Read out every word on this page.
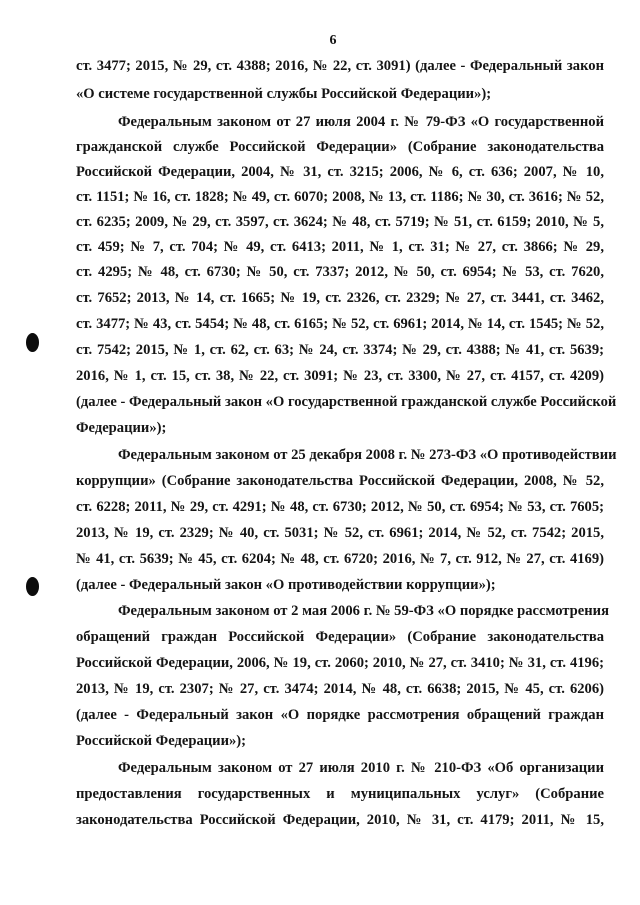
6
ст. 3477; 2015, № 29, ст. 4388; 2016, № 22, ст. 3091) (далее - Федеральный закон
«О системе государственной службы Российской Федерации»);
Федеральным законом от 27 июля 2004 г. № 79-ФЗ «О государственной
гражданской службе Российской Федерации» (Собрание законодательства
Российской Федерации, 2004, № 31, ст. 3215; 2006, № 6, ст. 636; 2007, № 10,
ст. 1151; № 16, ст. 1828; № 49, ст. 6070; 2008, № 13, ст. 1186; № 30, ст. 3616; № 52,
ст. 6235; 2009, № 29, ст. 3597, ст. 3624; № 48, ст. 5719; № 51, ст. 6159; 2010, № 5,
ст. 459; № 7, ст. 704; № 49, ст. 6413; 2011, № 1, ст. 31; № 27, ст. 3866; № 29,
ст. 4295; № 48, ст. 6730; № 50, ст. 7337; 2012, № 50, ст. 6954; № 53, ст. 7620,
ст. 7652; 2013, № 14, ст. 1665; № 19, ст. 2326, ст. 2329; № 27, ст. 3441, ст. 3462,
ст. 3477; № 43, ст. 5454; № 48, ст. 6165; № 52, ст. 6961; 2014, № 14, ст. 1545; № 52,
ст. 7542; 2015, № 1, ст. 62, ст. 63; № 24, ст. 3374; № 29, ст. 4388; № 41, ст. 5639;
2016, № 1, ст. 15, ст. 38, № 22, ст. 3091; № 23, ст. 3300, № 27, ст. 4157, ст. 4209)
(далее - Федеральный закон «О государственной гражданской службе Российской
Федерации»);
Федеральным законом от 25 декабря 2008 г. № 273-ФЗ «О противодействии
коррупции» (Собрание законодательства Российской Федерации, 2008, № 52,
ст. 6228; 2011, № 29, ст. 4291; № 48, ст. 6730; 2012, № 50, ст. 6954; № 53, ст. 7605;
2013, № 19, ст. 2329; № 40, ст. 5031; № 52, ст. 6961; 2014, № 52, ст. 7542; 2015,
№ 41, ст. 5639; № 45, ст. 6204; № 48, ст. 6720; 2016, № 7, ст. 912, № 27, ст. 4169)
(далее - Федеральный закон «О противодействии коррупции»);
Федеральным законом от 2 мая 2006 г. № 59-ФЗ «О порядке рассмотрения
обращений граждан Российской Федерации» (Собрание законодательства
Российской Федерации, 2006, № 19, ст. 2060; 2010, № 27, ст. 3410; № 31, ст. 4196;
2013, № 19, ст. 2307; № 27, ст. 3474; 2014, № 48, ст. 6638; 2015, № 45, ст. 6206)
(далее - Федеральный закон «О порядке рассмотрения обращений граждан
Российской Федерации»);
Федеральным законом от 27 июля 2010 г. № 210-ФЗ «Об организации
предоставления государственных и муниципальных услуг» (Собрание
законодательства Российской Федерации, 2010, № 31, ст. 4179; 2011, № 15,
